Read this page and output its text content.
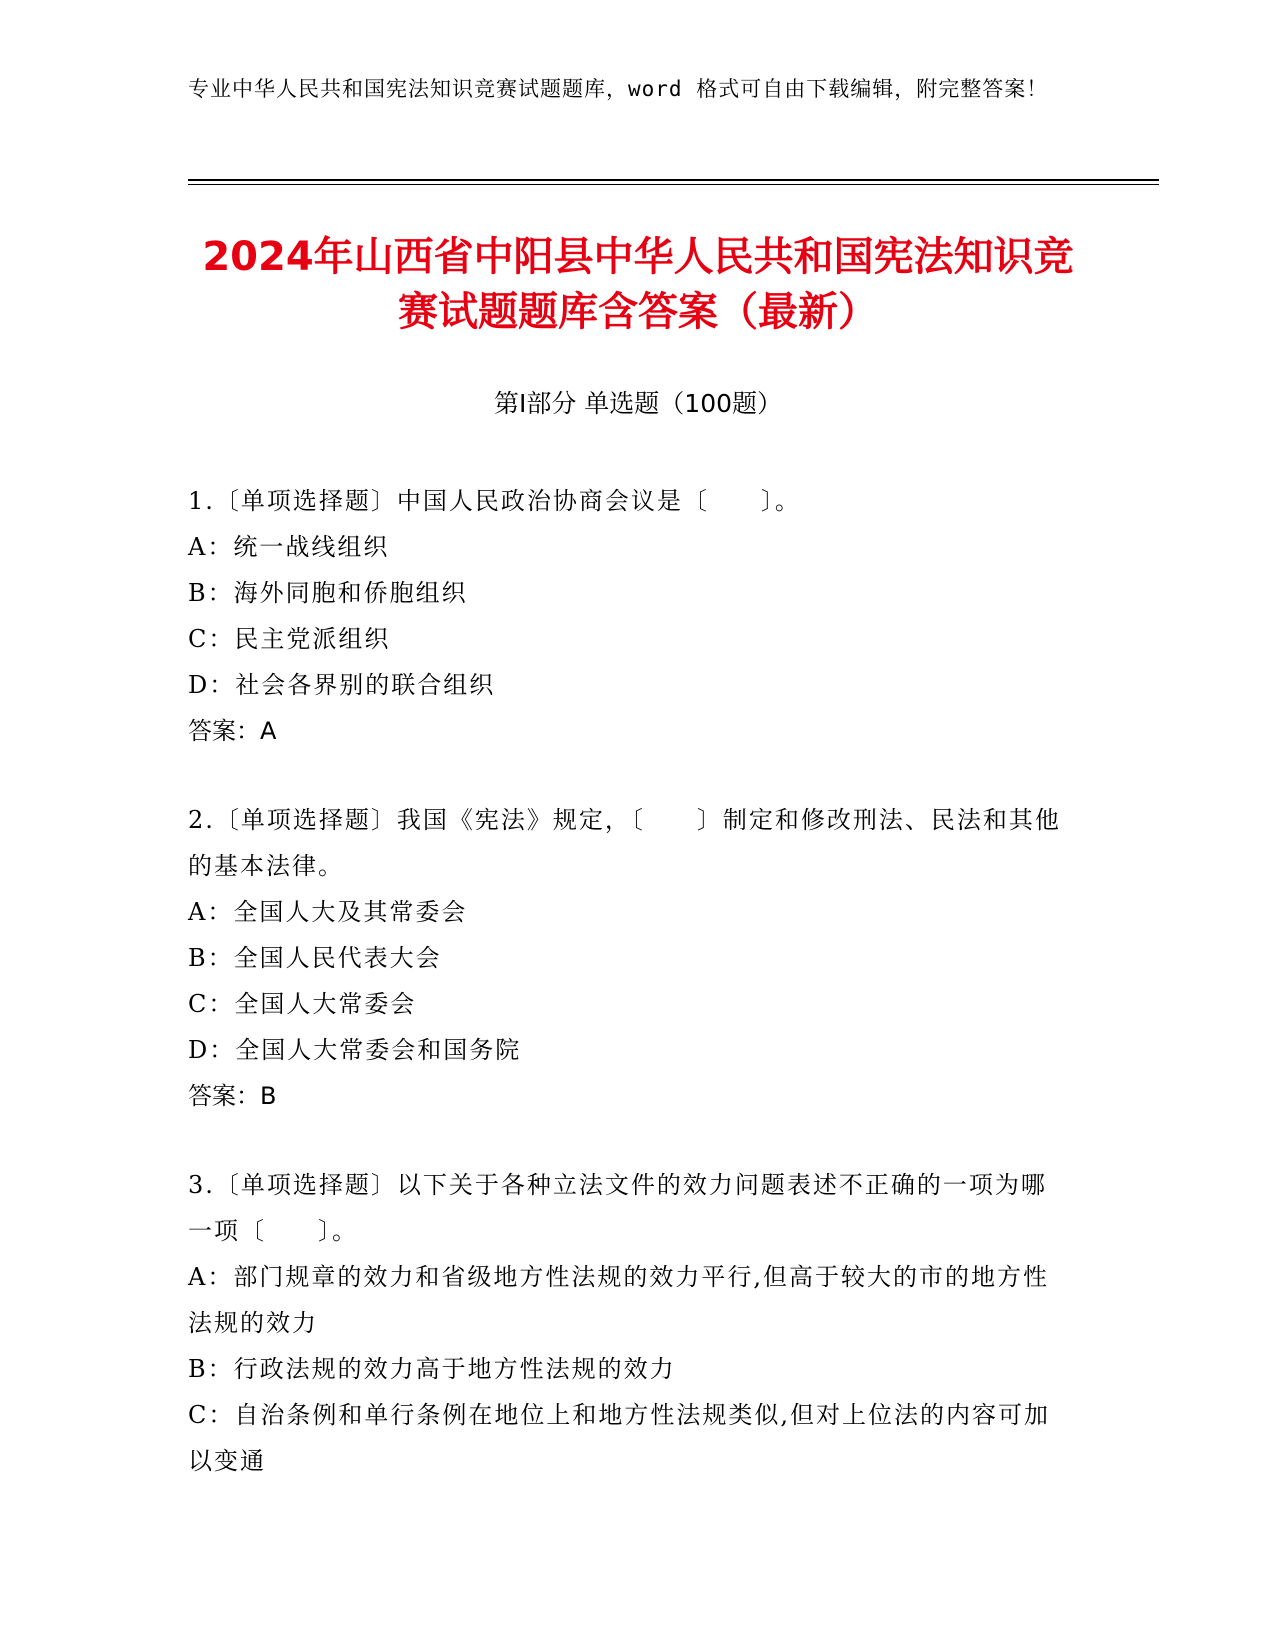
专业中华人民共和国宪法知识竞赛试题题库，word 格式可自由下载编辑，附完整答案！
2024年山西省中阳县中华人民共和国宪法知识竞赛试题题库含答案（最新）
第Ⅰ部分 单选题（100题）
1.〔单项选择题〕中国人民政治协商会议是〔　　〕。
A：统一战线组织
B：海外同胞和侨胞组织
C：民主党派组织
D：社会各界别的联合组织
答案：A
2.〔单项选择题〕我国《宪法》规定，〔　　〕制定和修改刑法、民法和其他的基本法律。
A：全国人大及其常委会
B：全国人民代表大会
C：全国人大常委会
D：全国人大常委会和国务院
答案：B
3.〔单项选择题〕以下关于各种立法文件的效力问题表述不正确的一项为哪一项〔　　〕。
A：部门规章的效力和省级地方性法规的效力平行,但高于较大的市的地方性法规的效力
B：行政法规的效力高于地方性法规的效力
C：自治条例和单行条例在地位上和地方性法规类似,但对上位法的内容可加以变通
